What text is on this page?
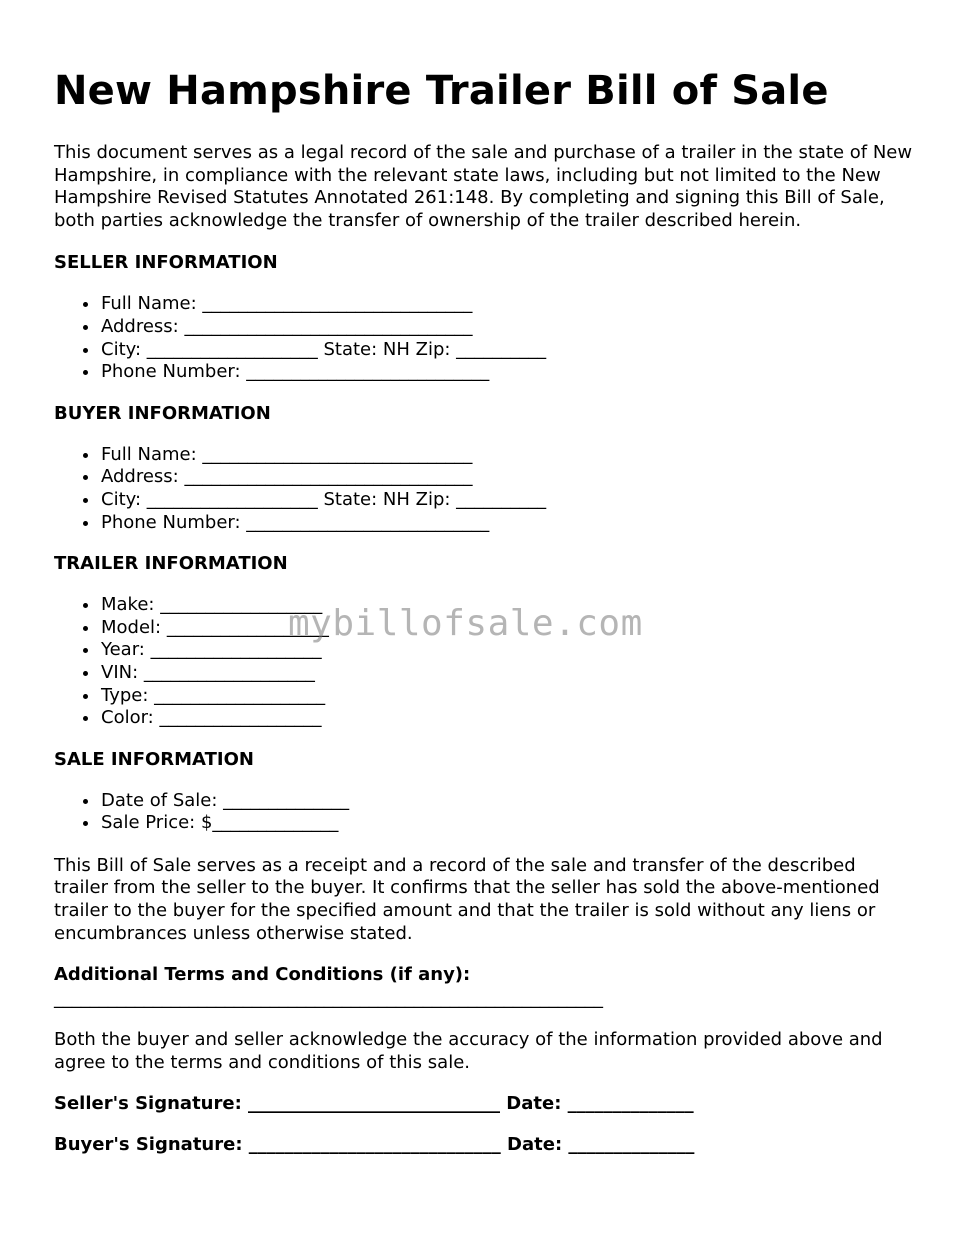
New Hampshire Trailer Bill of Sale

This document serves as a legal record of the sale and purchase of a trailer in the state of New Hampshire, in compliance with the relevant state laws, including but not limited to the New Hampshire Revised Statutes Annotated 261:148. By completing and signing this Bill of Sale, both parties acknowledge the transfer of ownership of the trailer described herein.

SELLER INFORMATION
• Full Name: ______________________________
• Address: ________________________________
• City: ___________________ State: NH Zip: __________
• Phone Number: ___________________________
BUYER INFORMATION
• Full Name: ______________________________
• Address: ________________________________
• City: ___________________ State: NH Zip: __________
• Phone Number: ___________________________
TRAILER INFORMATION
• Make: __________________
• Model: __________________
• Year: ___________________
• VIN: ___________________
• Type: ___________________
• Color: __________________
SALE INFORMATION
• Date of Sale: ______________
• Sale Price: $______________

This Bill of Sale serves as a receipt and a record of the sale and transfer of the described trailer from the seller to the buyer. It confirms that the seller has sold the above-mentioned trailer to the buyer for the specified amount and that the trailer is sold without any liens or encumbrances unless otherwise stated.

Additional Terms and Conditions (if any):
_____________________________________________________________

Both the buyer and seller acknowledge the accuracy of the information provided above and agree to the terms and conditions of this sale.

Seller's Signature: ____________________________ Date: ______________
Buyer's Signature: ____________________________ Date: ______________
mybillofsale.com
